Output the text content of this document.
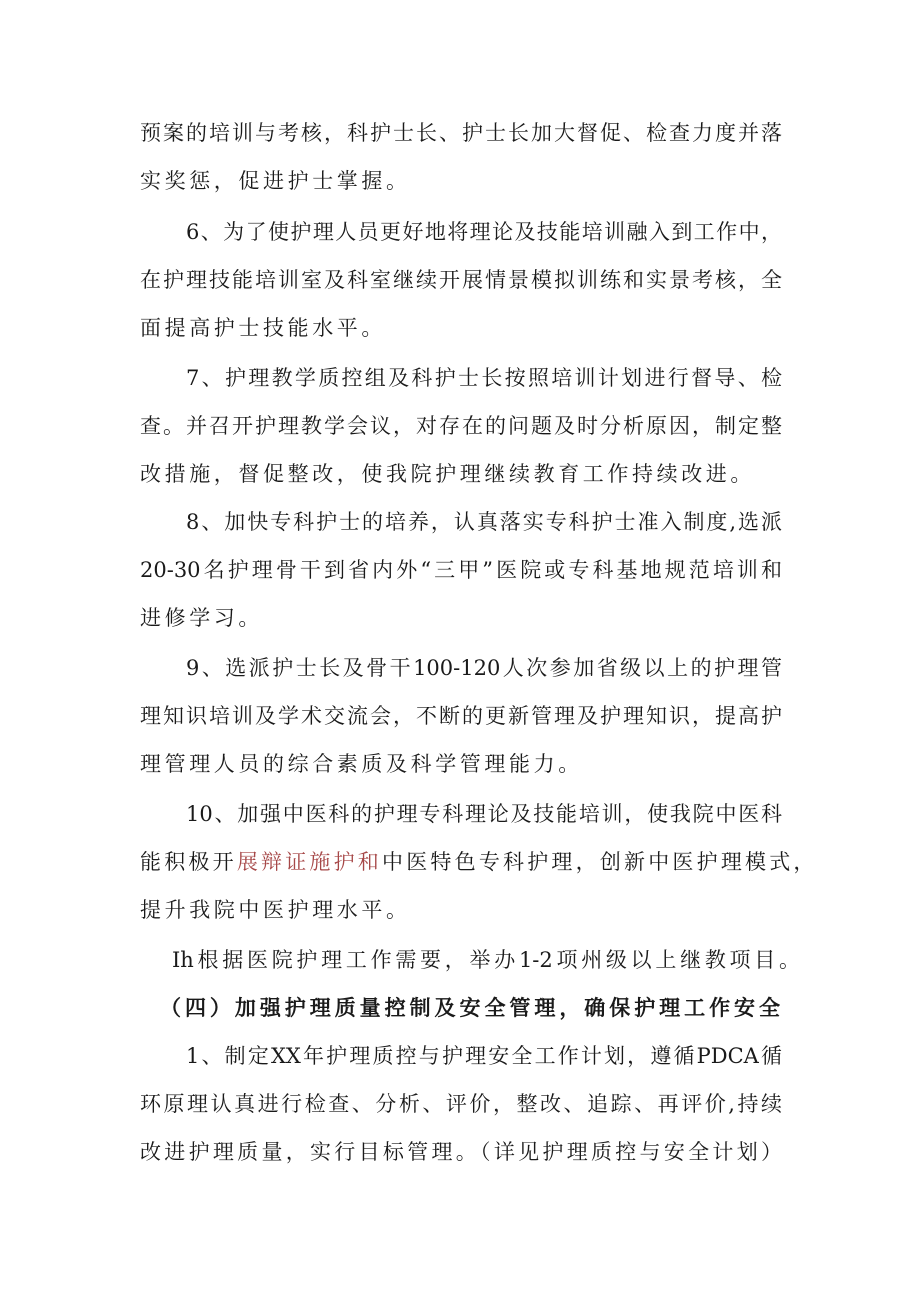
预案的培训与考核，科护士长、护士长加大督促、检查力度并落
实奖惩，促进护士掌握。
6、为了使护理人员更好地将理论及技能培训融入到工作中，
在护理技能培训室及科室继续开展情景模拟训练和实景考核，全
面提高护士技能水平。
7、护理教学质控组及科护士长按照培训计划进行督导、检
查。并召开护理教学会议，对存在的问题及时分析原因，制定整
改措施，督促整改，使我院护理继续教育工作持续改进。
8、加快专科护士的培养，认真落实专科护士准入制度,选派
20-30名护理骨干到省内外“三甲”医院或专科基地规范培训和
进修学习。
9、选派护士长及骨干100-120人次参加省级以上的护理管
理知识培训及学术交流会，不断的更新管理及护理知识，提高护
理管理人员的综合素质及科学管理能力。
10、加强中医科的护理专科理论及技能培训，使我院中医科
能积极开展辩证施护和中医特色专科护理，创新中医护理模式，
提升我院中医护理水平。
Ih根据医院护理工作需要，举办1-2项州级以上继教项目。
（四）加强护理质量控制及安全管理，确保护理工作安全
1、制定XX年护理质控与护理安全工作计划，遵循PDCA循
环原理认真进行检查、分析、评价，整改、追踪、再评价,持续
改进护理质量，实行目标管理。（详见护理质控与安全计划）
